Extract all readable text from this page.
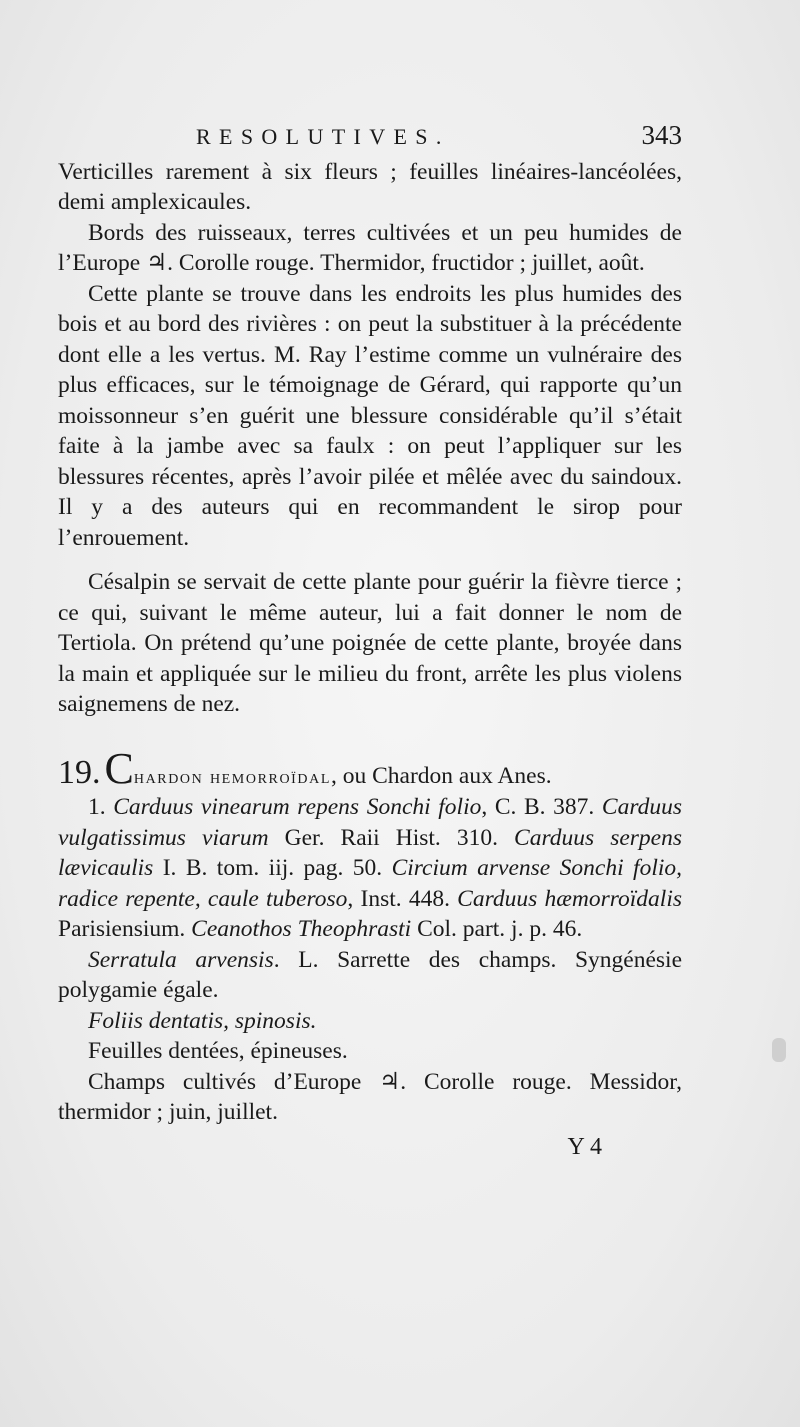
RESOLUTIVES.	343

Verticilles rarement à six fleurs ; feuilles linéaires-lancéolées, demi amplexicaules.

Bords des ruisseaux, terres cultivées et un peu humides de l’Europe ♃. Corolle rouge. Thermidor, fructidor ; juillet, août.

Cette plante se trouve dans les endroits les plus humides des bois et au bord des rivières : on peut la substituer à la précédente dont elle a les vertus. M. Ray l’estime comme un vulnéraire des plus efficaces, sur le témoignage de Gérard, qui rapporte qu’un moissonneur s’en guérit une blessure considérable qu’il s’était faite à la jambe avec sa faulx : on peut l’appliquer sur les blessures récentes, après l’avoir pilée et mêlée avec du saindoux. Il y a des auteurs qui en recommandent le sirop pour l’enrouement.

Césalpin se servait de cette plante pour guérir la fièvre tierce ; ce qui, suivant le même auteur, lui a fait donner le nom de Tertiola. On prétend qu’une poignée de cette plante, broyée dans la main et appliquée sur le milieu du front, arrête les plus violens saignemens de nez.

19.Chardon hemorroïdal, ou Chardon aux Anes.

1. Carduus vinearum repens Sonchi folio, C. B. 387. Carduus vulgatissimus viarum Ger. Raii Hist. 310. Carduus serpens lævicaulis I. B. tom. iij. pag. 50. Circium arvense Sonchi folio, radice repente, caule tuberoso, Inst. 448. Carduus hæmorroïdalis Parisiensium. Ceanothos Theophrasti Col. part. j. p. 46.

Serratula arvensis. L. Sarrette des champs. Syngénésie polygamie égale.

Foliis dentatis, spinosis.

Feuilles dentées, épineuses.

Champs cultivés d’Europe ♃. Corolle rouge. Messidor, thermidor ; juin, juillet.

Y 4
